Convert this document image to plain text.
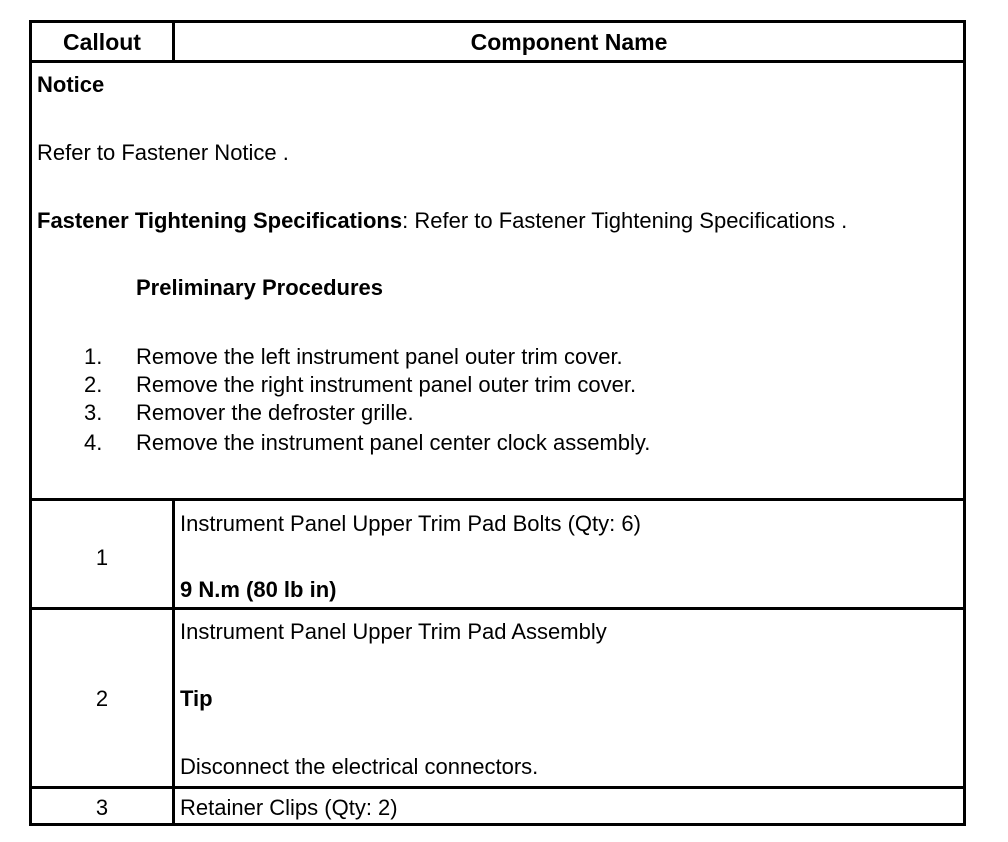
Callout	Component Name
Notice
Refer to Fastener Notice .
Fastener Tightening Specifications: Refer to Fastener Tightening Specifications .
Preliminary Procedures
1. Remove the left instrument panel outer trim cover.
2. Remove the right instrument panel outer trim cover.
3. Remover the defroster grille.
4. Remove the instrument panel center clock assembly.
1
Instrument Panel Upper Trim Pad Bolts (Qty: 6)
9 N.m (80 lb in)
2
Instrument Panel Upper Trim Pad Assembly
Tip
Disconnect the electrical connectors.
3	Retainer Clips (Qty: 2)
